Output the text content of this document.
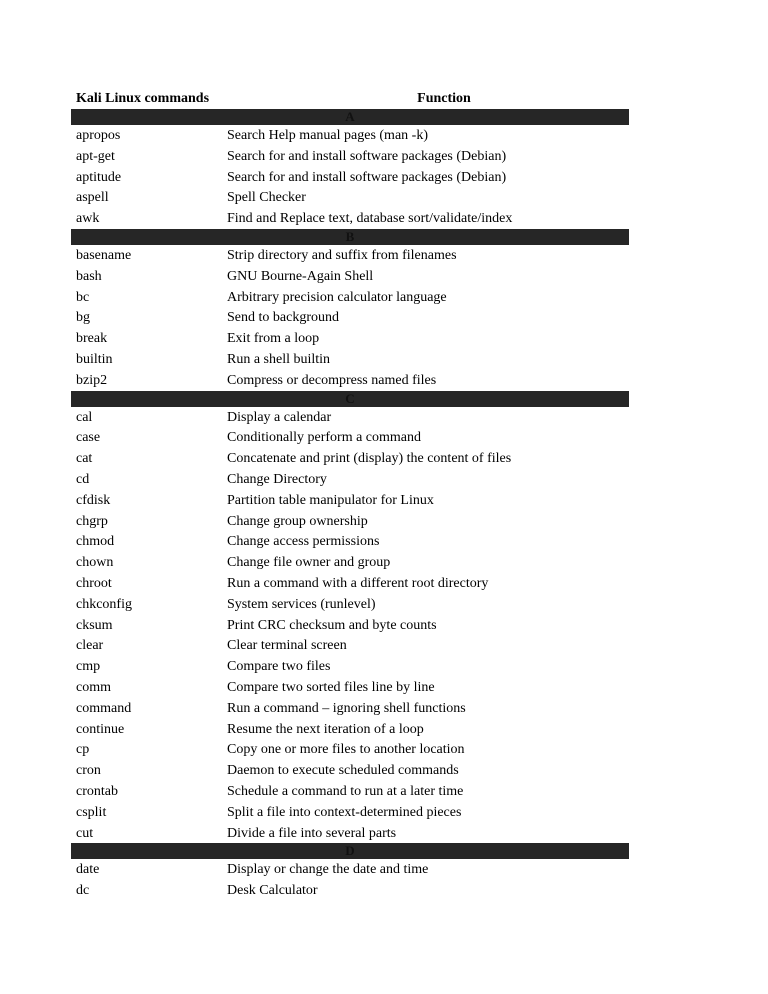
Kali Linux commands	Function
A
apropos	Search Help manual pages (man -k)
apt-get	Search for and install software packages (Debian)
aptitude	Search for and install software packages (Debian)
aspell	Spell Checker
awk	Find and Replace text, database sort/validate/index
B
basename	Strip directory and suffix from filenames
bash	GNU Bourne-Again Shell
bc	Arbitrary precision calculator language
bg	Send to background
break	Exit from a loop
builtin	Run a shell builtin
bzip2	Compress or decompress named files
C
cal	Display a calendar
case	Conditionally perform a command
cat	Concatenate and print (display) the content of files
cd	Change Directory
cfdisk	Partition table manipulator for Linux
chgrp	Change group ownership
chmod	Change access permissions
chown	Change file owner and group
chroot	Run a command with a different root directory
chkconfig	System services (runlevel)
cksum	Print CRC checksum and byte counts
clear	Clear terminal screen
cmp	Compare two files
comm	Compare two sorted files line by line
command	Run a command – ignoring shell functions
continue	Resume the next iteration of a loop
cp	Copy one or more files to another location
cron	Daemon to execute scheduled commands
crontab	Schedule a command to run at a later time
csplit	Split a file into context-determined pieces
cut	Divide a file into several parts
D
date	Display or change the date and time
dc	Desk Calculator
